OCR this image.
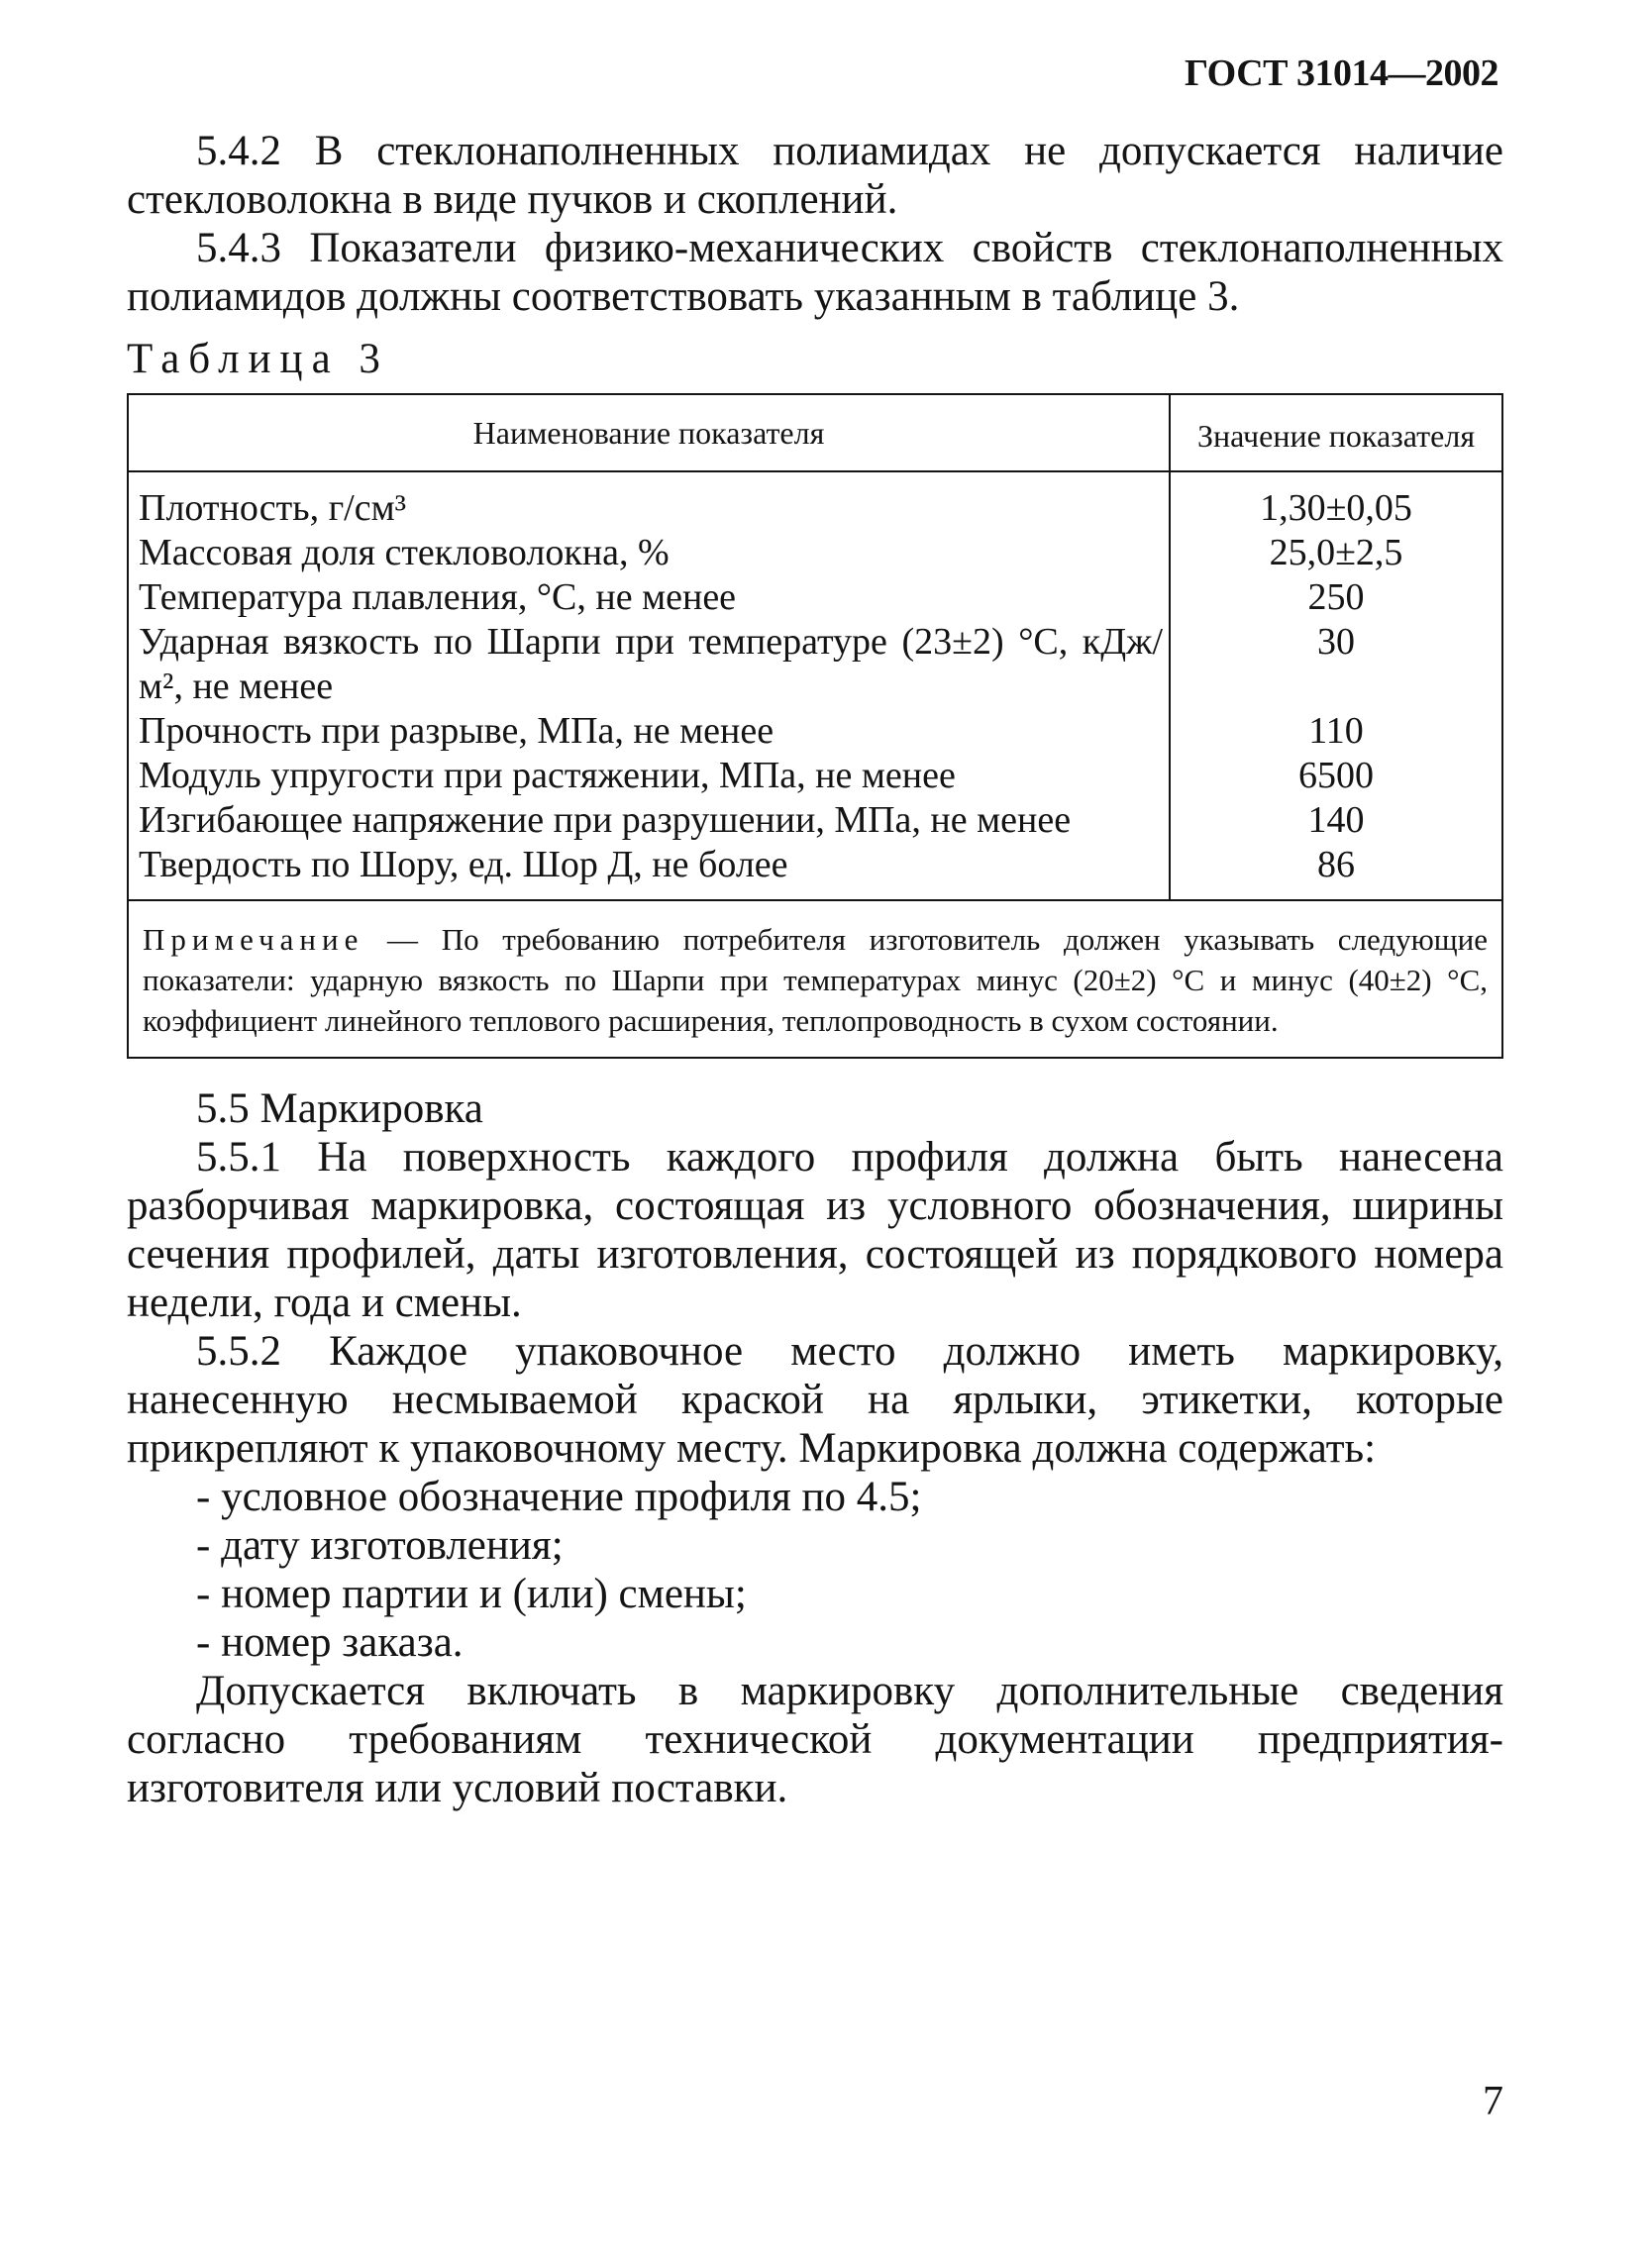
ГОСТ 31014—2002

5.4.2 В стеклонаполненных полиамидах не допускается наличие стекловолокна в виде пучков и скоплений.

5.4.3 Показатели физико-механических свойств стеклонаполненных полиамидов должны соответствовать указанным в таблице 3.

Таблица 3

Наименование показателя	Значение показателя
Плотность, г/см³	1,30±0,05
Массовая доля стекловолокна, %	25,0±2,5
Температура плавления, °С, не менее	250
Ударная вязкость по Шарпи при температуре (23±2) °С, кДж/м², не менее	30
Прочность при разрыве, МПа, не менее	110
Модуль упругости при растяжении, МПа, не менее	6500
Изгибающее напряжение при разрушении, МПа, не менее	140
Твердость по Шору, ед. Шор Д, не более	86
Примечание — По требованию потребителя изготовитель должен указывать следующие показатели: ударную вязкость по Шарпи при температурах минус (20±2) °С и минус (40±2) °С, коэффициент линейного теплового расширения, теплопроводность в сухом состоянии.	

5.5 Маркировка

5.5.1 На поверхность каждого профиля должна быть нанесена разборчивая маркировка, состоящая из условного обозначения, ширины сечения профилей, даты изготовления, состоящей из порядкового номера недели, года и смены.

5.5.2 Каждое упаковочное место должно иметь маркировку, нанесенную несмываемой краской на ярлыки, этикетки, которые прикрепляют к упаковочному месту. Маркировка должна содержать:

- условное обозначение профиля по 4.5;

- дату изготовления;

- номер партии и (или) смены;

- номер заказа.

Допускается включать в маркировку дополнительные сведения согласно требованиям технической документации предприятия-изготовителя или условий поставки.

7
